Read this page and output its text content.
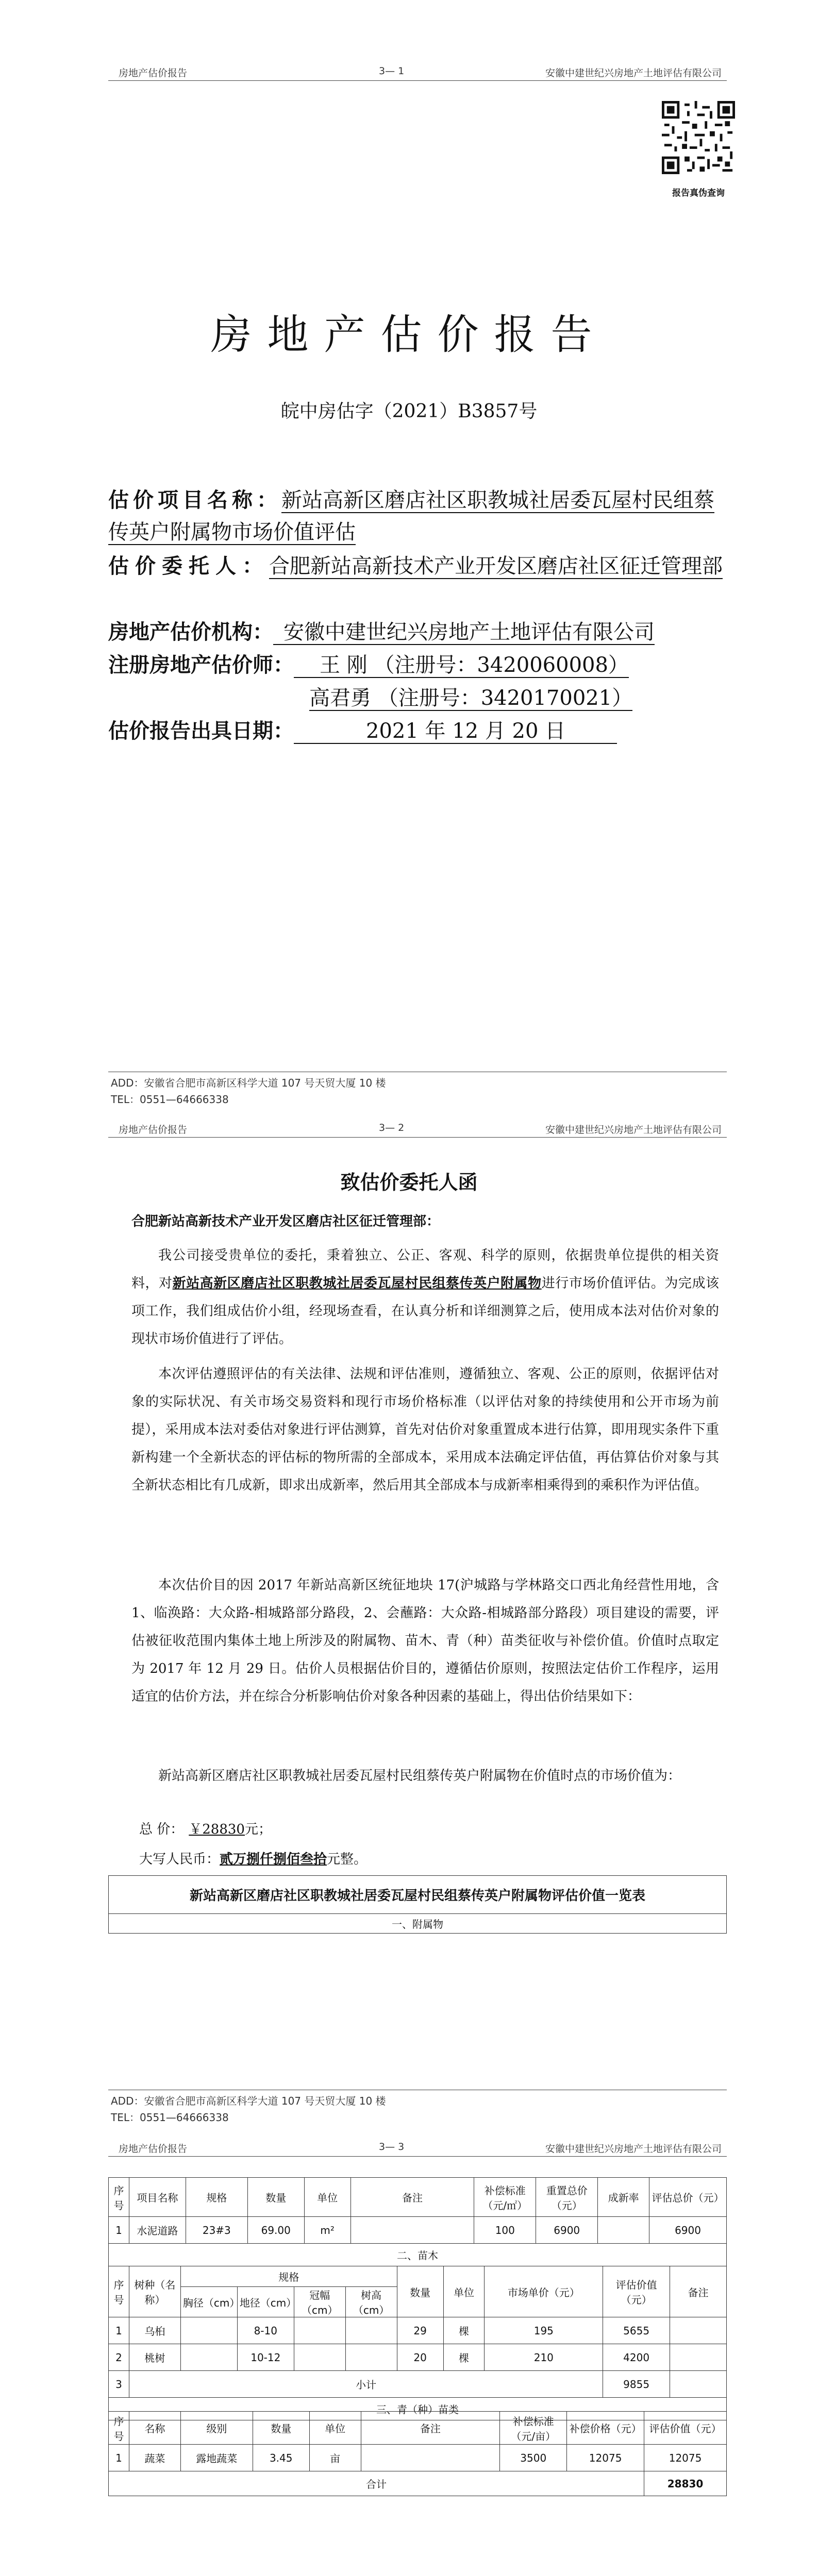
房地产估价报告	3— 1	安徽中建世纪兴房地产土地评估有限公司
报告真伪查询
房地产估价报告
皖中房估字（2021）B3857号
估价项目名称：新站高新区磨店社区职教城社居委瓦屋村民组蔡传英户附属物市场价值评估
估价委托人：合肥新站高新技术产业开发区磨店社区征迁管理部
房地产估价机构： 安徽中建世纪兴房地产土地评估有限公司
注册房地产估价师： 王 刚 （注册号：3420060008）
高君勇 （注册号：3420170021）
估价报告出具日期：	2021 年 12 月 20 日
ADD：安徽省合肥市高新区科学大道 107 号天贸大厦 10 楼
TEL：0551—64666338
房地产估价报告	3— 2	安徽中建世纪兴房地产土地评估有限公司
致估价委托人函
合肥新站高新技术产业开发区磨店社区征迁管理部：
我公司接受贵单位的委托，秉着独立、公正、客观、科学的原则，依据贵单位提供的相关资料，对新站高新区磨店社区职教城社居委瓦屋村民组蔡传英户附属物进行市场价值评估。为完成该项工作，我们组成估价小组，经现场查看，在认真分析和详细测算之后，使用成本法对估价对象的现状市场价值进行了评估。
本次评估遵照评估的有关法律、法规和评估准则，遵循独立、客观、公正的原则，依据评估对象的实际状况、有关市场交易资料和现行市场价格标准（以评估对象的持续使用和公开市场为前提），采用成本法对委估对象进行评估测算，首先对估价对象重置成本进行估算，即用现实条件下重新构建一个全新状态的评估标的物所需的全部成本，采用成本法确定评估值，再估算估价对象与其全新状态相比有几成新，即求出成新率，然后用其全部成本与成新率相乘得到的乘积作为评估值。
本次估价目的因 2017 年新站高新区统征地块 17(沪城路与学林路交口西北角经营性用地，含 1、临涣路：大众路-相城路部分路段，2、会蘸路：大众路-相城路部分路段）项目建设的需要，评估被征收范围内集体土地上所涉及的附属物、苗木、青（种）苗类征收与补偿价值。价值时点取定为 2017 年 12 月 29 日。估价人员根据估价目的，遵循估价原则，按照法定估价工作程序，运用适宜的估价方法，并在综合分析影响估价对象各种因素的基础上，得出估价结果如下：
新站高新区磨店社区职教城社居委瓦屋村民组蔡传英户附属物在价值时点的市场价值为：
总 价： ￥28830元；
大写人民币：贰万捌仟捌佰叁拾元整。
新站高新区磨店社区职教城社居委瓦屋村民组蔡传英户附属物评估价值一览表
一、附属物
ADD：安徽省合肥市高新区科学大道 107 号天贸大厦 10 楼
TEL：0551—64666338
房地产估价报告	3— 3	安徽中建世纪兴房地产土地评估有限公司
序号	项目名称	规格	数量	单位	备注	补偿标准（元/㎡）	重置总价（元）	成新率	评估总价（元）
1	水泥道路	23#3	69.00	m²		100	6900		6900
二、苗木									
序号	树种（名称）	规格				数量	单位	市场单价（元）	评估价值（元）	备注
		胸径（cm）	地径（cm）	冠幅（cm）	树高（cm）					
1	乌桕		8-10			29	棵	195	5655	
2	桃树		10-12			20	棵	210	4200	
3	小计								9855	
三、青（种）苗类										
序号	名称	级别	数量	单位	备注	补偿标准（元/亩）	补偿价格（元）	评估价值（元）
1	蔬菜	露地蔬菜	3.45	亩		3500	12075	12075
合计								28830
